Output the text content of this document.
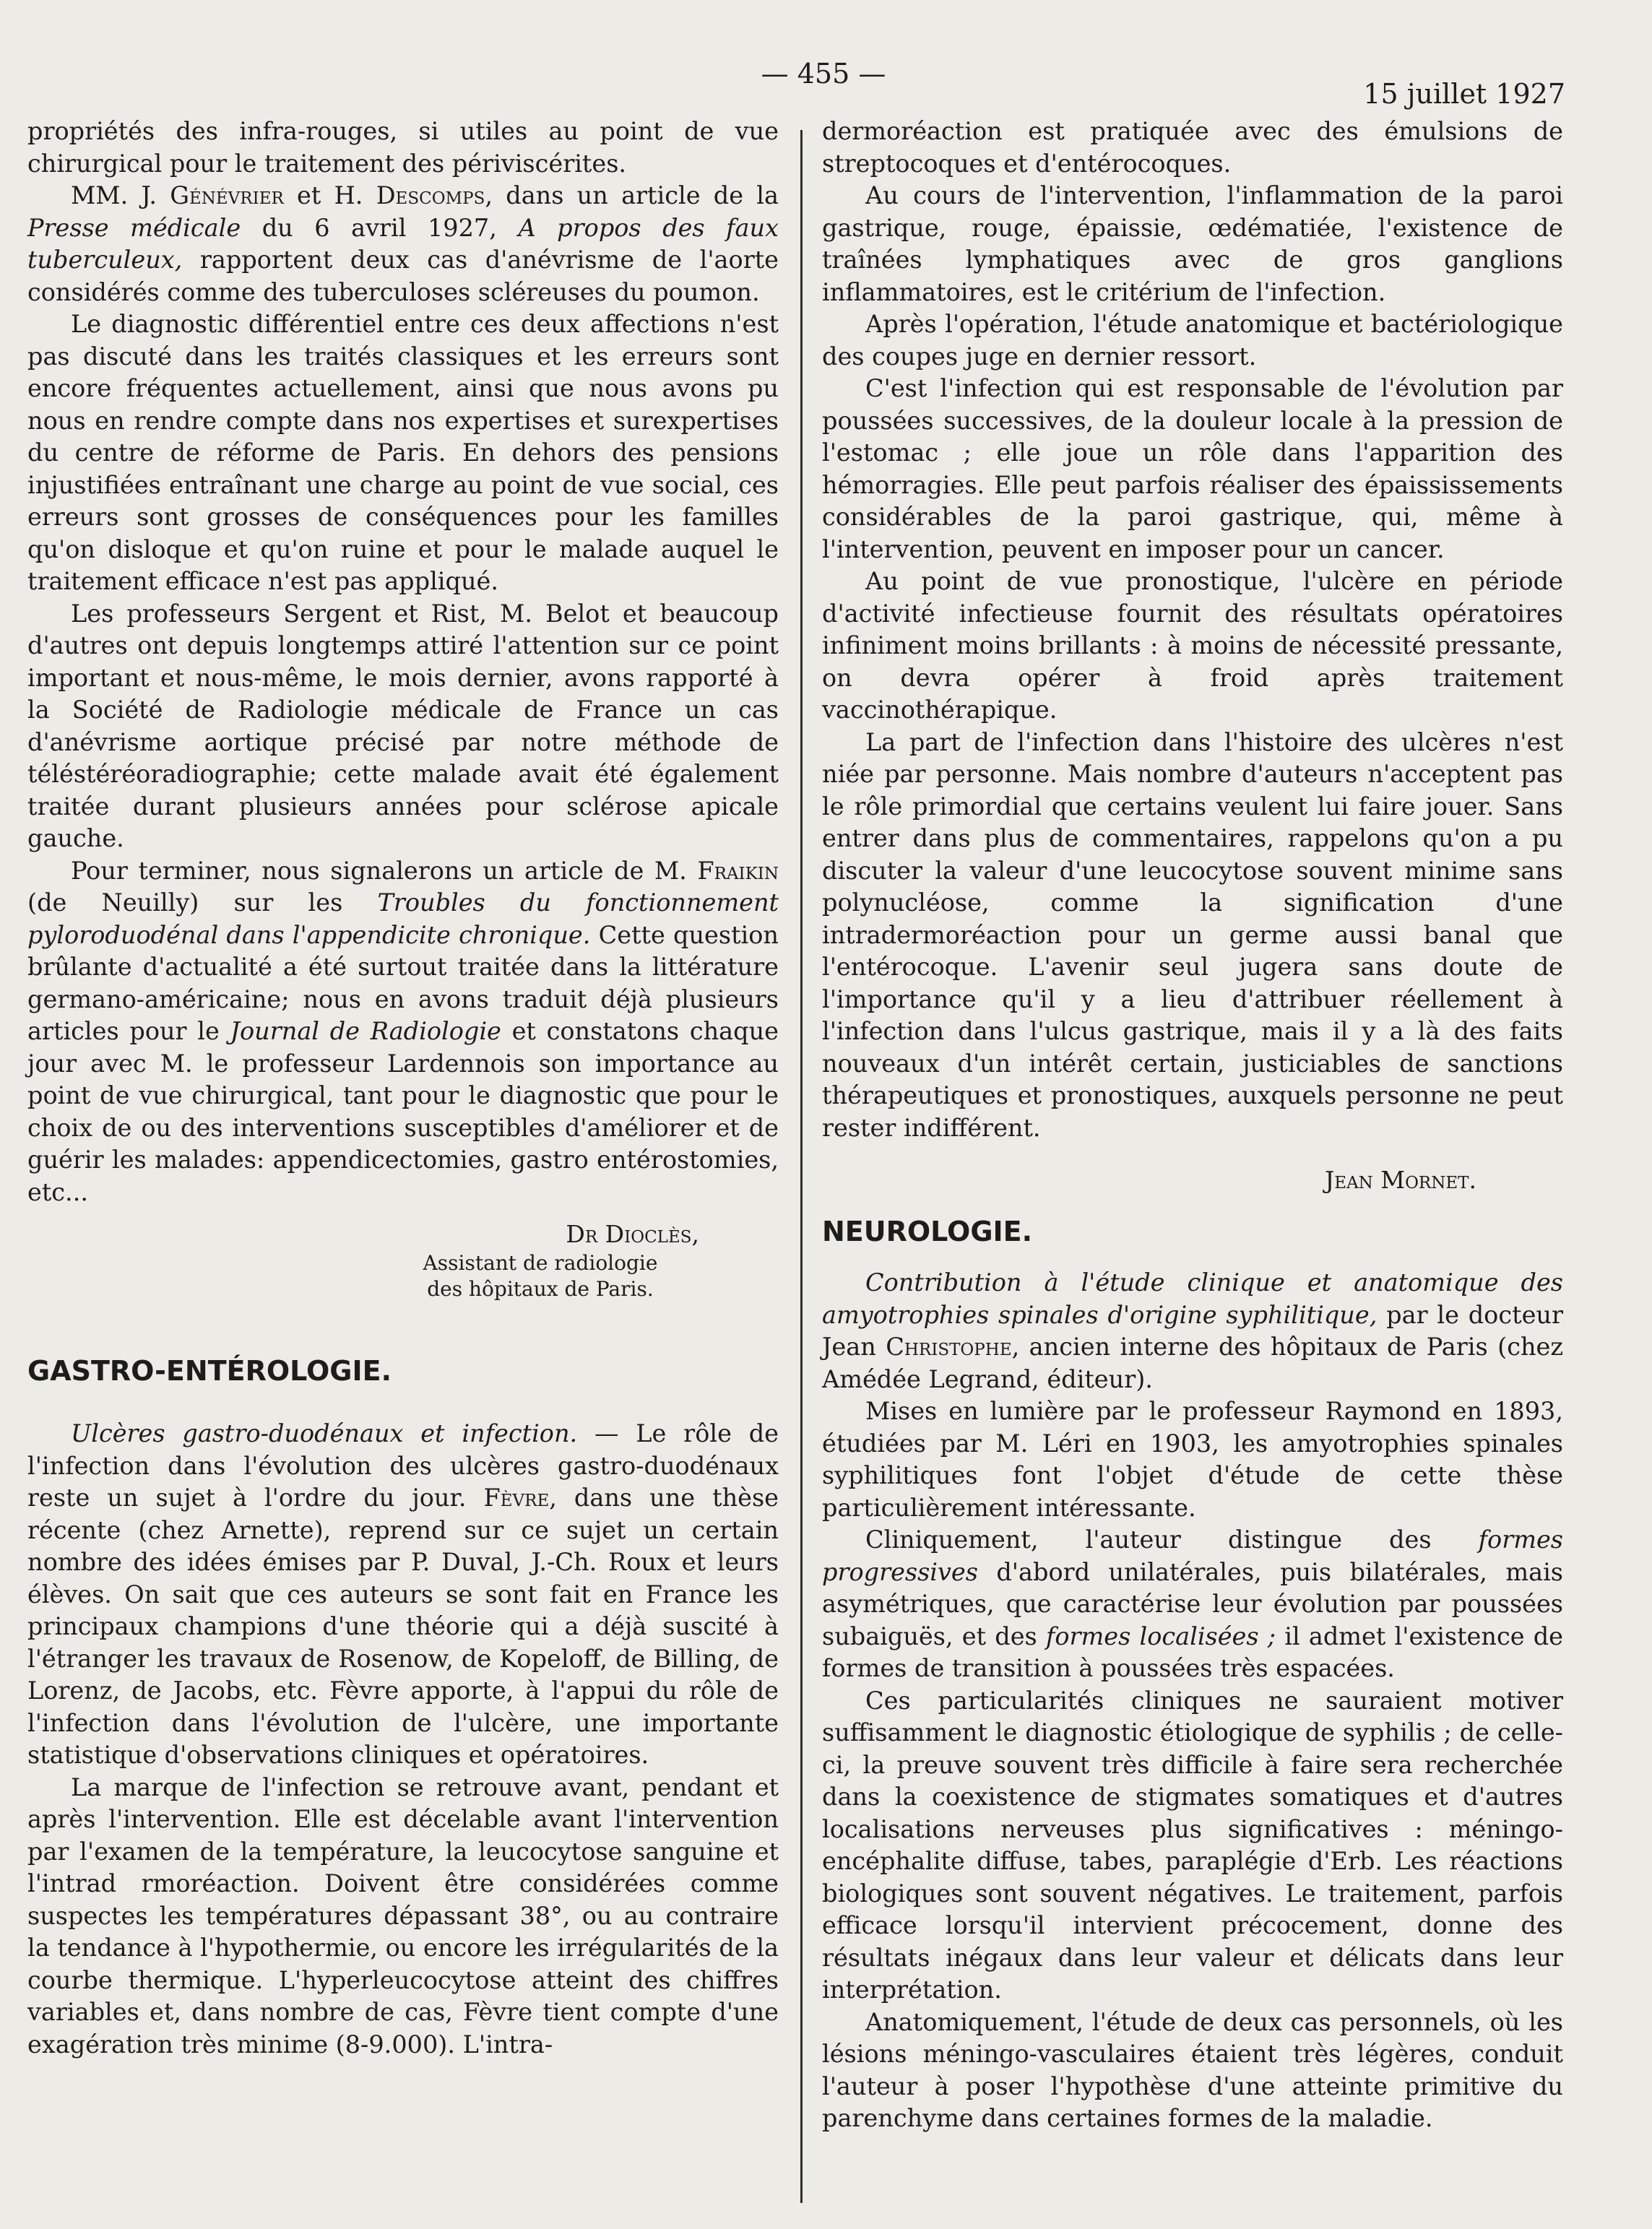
— 455 —
15 juillet 1927

propriétés des infra-rouges, si utiles au point de vue chirurgical pour le traitement des périviscérites.

MM. J. Génévrier et H. Descomps, dans un article de la Presse médicale du 6 avril 1927, A propos des faux tuberculeux, rapportent deux cas d'anévrisme de l'aorte considérés comme des tuberculoses scléreuses du poumon.

Le diagnostic différentiel entre ces deux affections n'est pas discuté dans les traités classiques et les erreurs sont encore fréquentes actuellement, ainsi que nous avons pu nous en rendre compte dans nos expertises et surexpertises du centre de réforme de Paris. En dehors des pensions injustifiées entraînant une charge au point de vue social, ces erreurs sont grosses de conséquences pour les familles qu'on disloque et qu'on ruine et pour le malade auquel le traitement efficace n'est pas appliqué.

Les professeurs Sergent et Rist, M. Belot et beaucoup d'autres ont depuis longtemps attiré l'attention sur ce point important et nous-même, le mois dernier, avons rapporté à la Société de Radiologie médicale de France un cas d'anévrisme aortique précisé par notre méthode de téléstéréoradiographie; cette malade avait été également traitée durant plusieurs années pour sclérose apicale gauche.

Pour terminer, nous signalerons un article de M. Fraikin (de Neuilly) sur les Troubles du fonctionnement pyloroduodénal dans l'appendicite chronique. Cette question brûlante d'actualité a été surtout traitée dans la littérature germano-américaine; nous en avons traduit déjà plusieurs articles pour le Journal de Radiologie et constatons chaque jour avec M. le professeur Lardennois son importance au point de vue chirurgical, tant pour le diagnostic que pour le choix de ou des interventions susceptibles d'améliorer et de guérir les malades: appendicectomies, gastro entérostomies, etc...

Dr Dioclès,
Assistant de radiologie
des hôpitaux de Paris.
GASTRO-ENTÉROLOGIE.

Ulcères gastro-duodénaux et infection. — Le rôle de l'infection dans l'évolution des ulcères gastro-duodénaux reste un sujet à l'ordre du jour. Fèvre, dans une thèse récente (chez Arnette), reprend sur ce sujet un certain nombre des idées émises par P. Duval, J.-Ch. Roux et leurs élèves. On sait que ces auteurs se sont fait en France les principaux champions d'une théorie qui a déjà suscité à l'étranger les travaux de Rosenow, de Kopeloff, de Billing, de Lorenz, de Jacobs, etc. Fèvre apporte, à l'appui du rôle de l'infection dans l'évolution de l'ulcère, une importante statistique d'observations cliniques et opératoires.

La marque de l'infection se retrouve avant, pendant et après l'intervention. Elle est décelable avant l'intervention par l'examen de la température, la leucocytose sanguine et l'intrad rmoréaction. Doivent être considérées comme suspectes les températures dépassant 38°, ou au contraire la tendance à l'hypothermie, ou encore les irrégularités de la courbe thermique. L'hyperleucocytose atteint des chiffres variables et, dans nombre de cas, Fèvre tient compte d'une exagération très minime (8-9.000). L'intra-

dermoréaction est pratiquée avec des émulsions de streptocoques et d'entérocoques.

Au cours de l'intervention, l'inflammation de la paroi gastrique, rouge, épaissie, œdématiée, l'existence de traînées lymphatiques avec de gros ganglions inflammatoires, est le critérium de l'infection.

Après l'opération, l'étude anatomique et bactériologique des coupes juge en dernier ressort.

C'est l'infection qui est responsable de l'évolution par poussées successives, de la douleur locale à la pression de l'estomac ; elle joue un rôle dans l'apparition des hémorragies. Elle peut parfois réaliser des épaississements considérables de la paroi gastrique, qui, même à l'intervention, peuvent en imposer pour un cancer.

Au point de vue pronostique, l'ulcère en période d'activité infectieuse fournit des résultats opératoires infiniment moins brillants : à moins de nécessité pressante, on devra opérer à froid après traitement vaccinothérapique.

La part de l'infection dans l'histoire des ulcères n'est niée par personne. Mais nombre d'auteurs n'acceptent pas le rôle primordial que certains veulent lui faire jouer. Sans entrer dans plus de commentaires, rappelons qu'on a pu discuter la valeur d'une leucocytose souvent minime sans polynucléose, comme la signification d'une intradermoréaction pour un germe aussi banal que l'entérocoque. L'avenir seul jugera sans doute de l'importance qu'il y a lieu d'attribuer réellement à l'infection dans l'ulcus gastrique, mais il y a là des faits nouveaux d'un intérêt certain, justiciables de sanctions thérapeutiques et pronostiques, auxquels personne ne peut rester indifférent.

Jean Mornet.
NEUROLOGIE.

Contribution à l'étude clinique et anatomique des amyotrophies spinales d'origine syphilitique, par le docteur Jean Christophe, ancien interne des hôpitaux de Paris (chez Amédée Legrand, éditeur).

Mises en lumière par le professeur Raymond en 1893, étudiées par M. Léri en 1903, les amyotrophies spinales syphilitiques font l'objet d'étude de cette thèse particulièrement intéressante.

Cliniquement, l'auteur distingue des formes progressives d'abord unilatérales, puis bilatérales, mais asymétriques, que caractérise leur évolution par poussées subaiguës, et des formes localisées ; il admet l'existence de formes de transition à poussées très espacées.

Ces particularités cliniques ne sauraient motiver suffisamment le diagnostic étiologique de syphilis ; de celle-ci, la preuve souvent très difficile à faire sera recherchée dans la coexistence de stigmates somatiques et d'autres localisations nerveuses plus significatives : méningo-encéphalite diffuse, tabes, paraplégie d'Erb. Les réactions biologiques sont souvent négatives. Le traitement, parfois efficace lorsqu'il intervient précocement, donne des résultats inégaux dans leur valeur et délicats dans leur interprétation.

Anatomiquement, l'étude de deux cas personnels, où les lésions méningo-vasculaires étaient très légères, conduit l'auteur à poser l'hypothèse d'une atteinte primitive du parenchyme dans certaines formes de la maladie.
